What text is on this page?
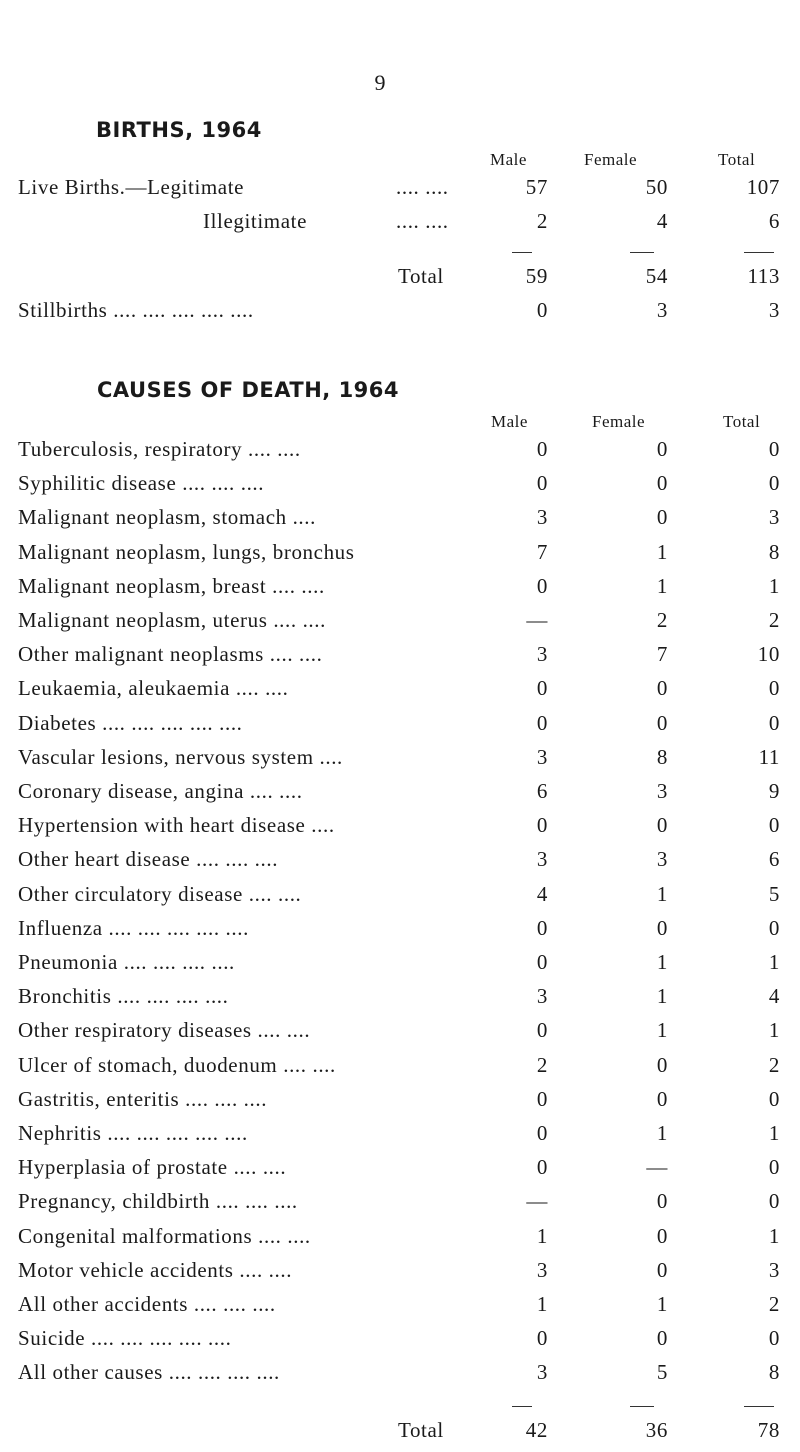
9
BIRTHS, 1964
Male	Female	Total
Live Births.—Legitimate	.... ....	57	50	107
Illegitimate	.... ....	2	4	6
Total	59	54	113
Stillbirths .... .... .... .... ....	0	3	3
CAUSES OF DEATH, 1964
Male	Female	Total
Tuberculosis, respiratory .... ....	0	0	0
Syphilitic disease .... .... ....	0	0	0
Malignant neoplasm, stomach ....	3	0	3
Malignant neoplasm, lungs, bronchus	7	1	8
Malignant neoplasm, breast .... ....	0	1	1
Malignant neoplasm, uterus .... ....	—	2	2
Other malignant neoplasms .... ....	3	7	10
Leukaemia, aleukaemia .... ....	0	0	0
Diabetes .... .... .... .... ....	0	0	0
Vascular lesions, nervous system ....	3	8	11
Coronary disease, angina .... ....	6	3	9
Hypertension with heart disease ....	0	0	0
Other heart disease .... .... ....	3	3	6
Other circulatory disease .... ....	4	1	5
Influenza .... .... .... .... ....	0	0	0
Pneumonia .... .... .... ....	0	1	1
Bronchitis .... .... .... ....	3	1	4
Other respiratory diseases .... ....	0	1	1
Ulcer of stomach, duodenum .... ....	2	0	2
Gastritis, enteritis .... .... ....	0	0	0
Nephritis .... .... .... .... ....	0	1	1
Hyperplasia of prostate .... ....	0	—	0
Pregnancy, childbirth .... .... ....	—	0	0
Congenital malformations .... ....	1	0	1
Motor vehicle accidents .... ....	3	0	3
All other accidents .... .... ....	1	1	2
Suicide .... .... .... .... ....	0	0	0
All other causes .... .... .... ....	3	5	8
Total	42	36	78
